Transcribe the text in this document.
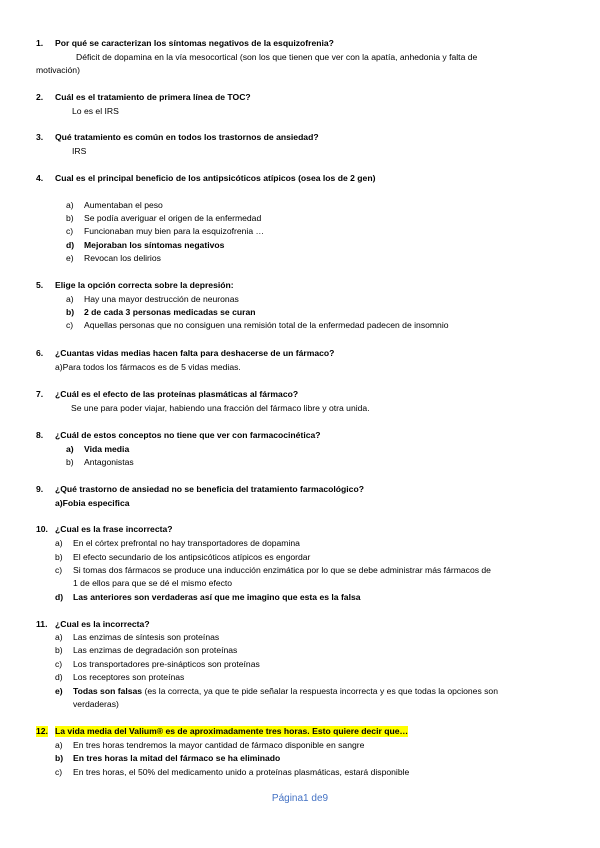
1. Por qué se caracterizan los síntomas negativos de la esquizofrenia?
Déficit de dopamina en la vía mesocortical (son los que tienen que ver con la apatía, anhedonia y falta de
motivación)
2. Cuál es el tratamiento de primera línea de TOC?
Lo es el IRS
3. Qué tratamiento es común en todos los trastornos de ansiedad?
IRS
4. Cual es el principal beneficio de los antipsicóticos atípicos (osea los de 2 gen)
a) Aumentaban el peso
b) Se podía averiguar el origen de la enfermedad
c) Funcionaban muy bien para la esquizofrenia …
d) Mejoraban los síntomas negativos
e) Revocan los delirios
5. Elige la opción correcta sobre la depresión:
a) Hay una mayor destrucción de neuronas
b) 2 de cada 3 personas medicadas se curan
c) Aquellas personas que no consiguen una remisión total de la enfermedad padecen de insomnio
6. ¿Cuantas vidas medias hacen falta para deshacerse de un fármaco?
a)Para todos los fármacos es de 5 vidas medias.
7. ¿Cuál es el efecto de las proteínas plasmáticas al fármaco?
Se une para poder viajar, habiendo una fracción del fármaco libre y otra unida.
8. ¿Cuál de estos conceptos no tiene que ver con farmacocinética?
a) Vida media
b) Antagonistas
9. ¿Qué trastorno de ansiedad no se beneficia del tratamiento farmacológico?
a)Fobia especifica
10. ¿Cual es la frase incorrecta?
a) En el córtex prefrontal no hay transportadores de dopamina
b) El efecto secundario de los antipsicóticos atípicos es engordar
c) Si tomas dos fármacos se produce una inducción enzimática por lo que se debe administrar más fármacos de
1 de ellos para que se dé el mismo efecto
d) Las anteriores son verdaderas así que me imagino que esta es la falsa
11. ¿Cual es la incorrecta?
a) Las enzimas de síntesis son proteínas
b) Las enzimas de degradación son proteínas
c) Los transportadores pre-sinápticos son proteínas
d) Los receptores son proteínas
e) Todas son falsas (es la correcta, ya que te pide señalar la respuesta incorrecta y es que todas la opciones son
verdaderas)
12. La vida media del Valium® es de aproximadamente tres horas. Esto quiere decir que…
a) En tres horas tendremos la mayor cantidad de fármaco disponible en sangre
b) En tres horas la mitad del fármaco se ha eliminado
c) En tres horas, el 50% del medicamento unido a proteínas plasmáticas, estará disponible
Página1 de9
